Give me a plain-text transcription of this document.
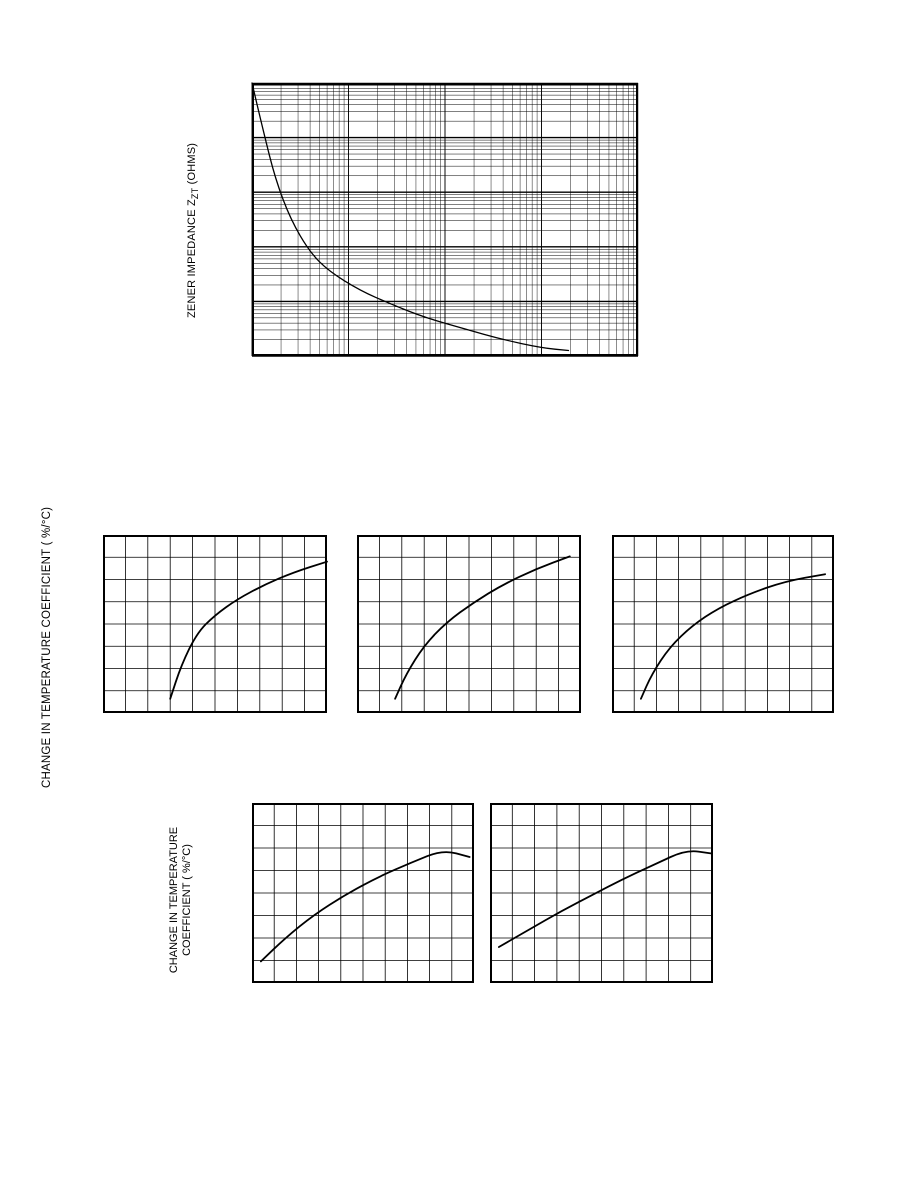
ZENER IMPEDANCE $Z_{ZT}$ (OHMS)
CHANGE IN TEMPERATURE COEFFICIENT ( %/°C)
CHANGE IN TEMPERATURE COEFFICIENT ( %/°C)
